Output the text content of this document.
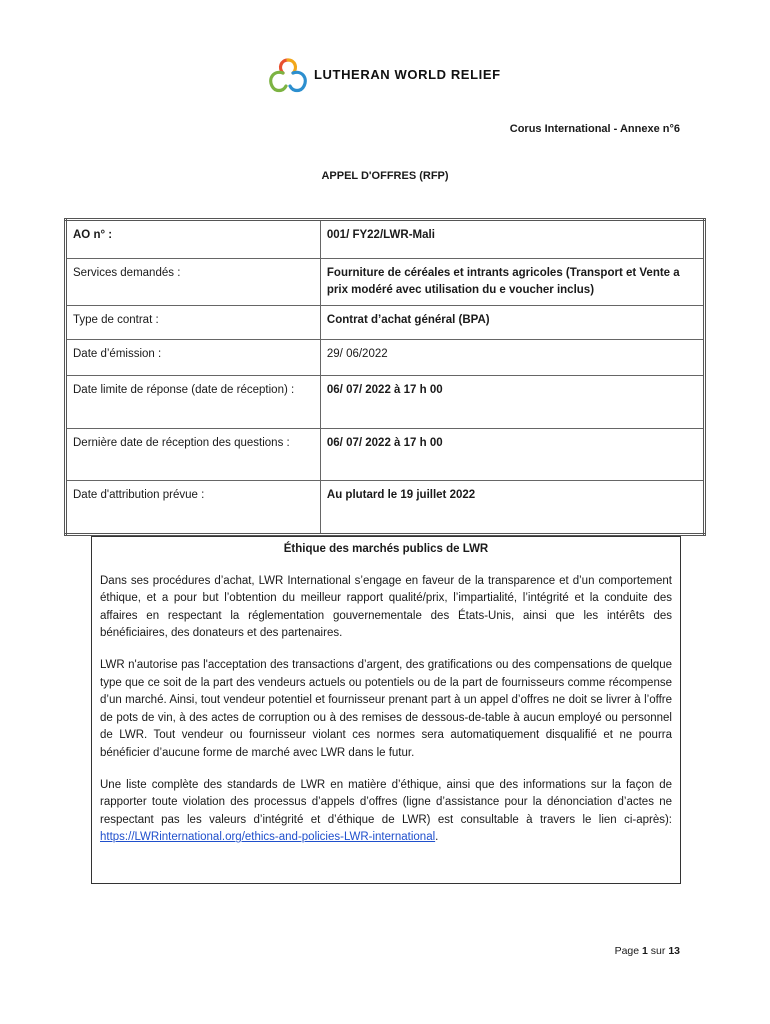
LUTHERAN WORLD RELIEF
Corus International - Annexe n°6
APPEL D'OFFRES (RFP)
AO n° :	001/ FY22/LWR-Mali
Services demandés :	Fourniture de céréales et intrants agricoles (Transport et Vente a prix modéré avec utilisation du e voucher inclus)
Type de contrat :	Contrat d’achat général (BPA)
Date d’émission :	29/ 06/2022
Date limite de réponse (date de réception) :	06/ 07/ 2022 à 17 h 00
Dernière date de réception des questions :	06/ 07/ 2022 à 17 h 00
Date d'attribution prévue :	Au plutard le 19 juillet 2022
Éthique des marchés publics de LWR

Dans ses procédures d’achat, LWR International s’engage en faveur de la transparence et d’un comportement éthique, et a pour but l’obtention du meilleur rapport qualité/prix, l’impartialité, l’intégrité et la conduite des affaires en respectant la réglementation gouvernementale des États-Unis, ainsi que les intérêts des bénéficiaires, des donateurs et des partenaires.

LWR n'autorise pas l'acceptation des transactions d’argent, des gratifications ou des compensations de quelque type que ce soit de la part des vendeurs actuels ou potentiels ou de la part de fournisseurs comme récompense d’un marché. Ainsi, tout vendeur potentiel et fournisseur prenant part à un appel d’offres ne doit se livrer à l’offre de pots de vin, à des actes de corruption ou à des remises de dessous-de-table à aucun employé ou personnel de LWR. Tout vendeur ou fournisseur violant ces normes sera automatiquement disqualifié et ne pourra bénéficier d’aucune forme de marché avec LWR dans le futur.

Une liste complète des standards de LWR en matière d’éthique, ainsi que des informations sur la façon de rapporter toute violation des processus d’appels d’offres (ligne d’assistance pour la dénonciation d’actes ne respectant pas les valeurs d’intégrité et d’éthique de LWR) est consultable à travers le lien ci-après): https://LWRinternational.org/ethics-and-policies-LWR-international.

Page 1 sur 13
